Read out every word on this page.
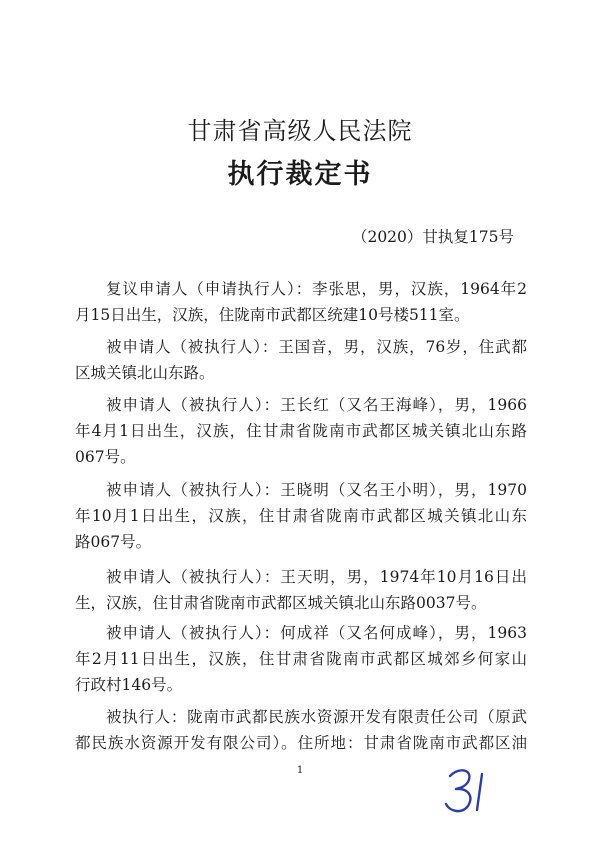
甘肃省高级人民法院
执行裁定书
（2020）甘执复175号
复议申请人（申请执行人）：李张思，男，汉族，1964年2
月15日出生，汉族，住陇南市武都区统建10号楼511室。
被申请人（被执行人）：王国音，男，汉族，76岁，住武都
区城关镇北山东路。
被申请人（被执行人）：王长红（又名王海峰），男，1966
年4月1日出生，汉族，住甘肃省陇南市武都区城关镇北山东路
067号。
被申请人（被执行人）：王晓明（又名王小明），男，1970
年10月1日出生，汉族，住甘肃省陇南市武都区城关镇北山东
路067号。
被申请人（被执行人）：王天明，男，1974年10月16日出
生，汉族，住甘肃省陇南市武都区城关镇北山东路0037号。
被申请人（被执行人）：何成祥（又名何成峰），男，1963
年2月11日出生，汉族，住甘肃省陇南市武都区城郊乡何家山
行政村146号。
被执行人：陇南市武都民族水资源开发有限责任公司（原武
都民族水资源开发有限公司）。住所地：甘肃省陇南市武都区油
1
